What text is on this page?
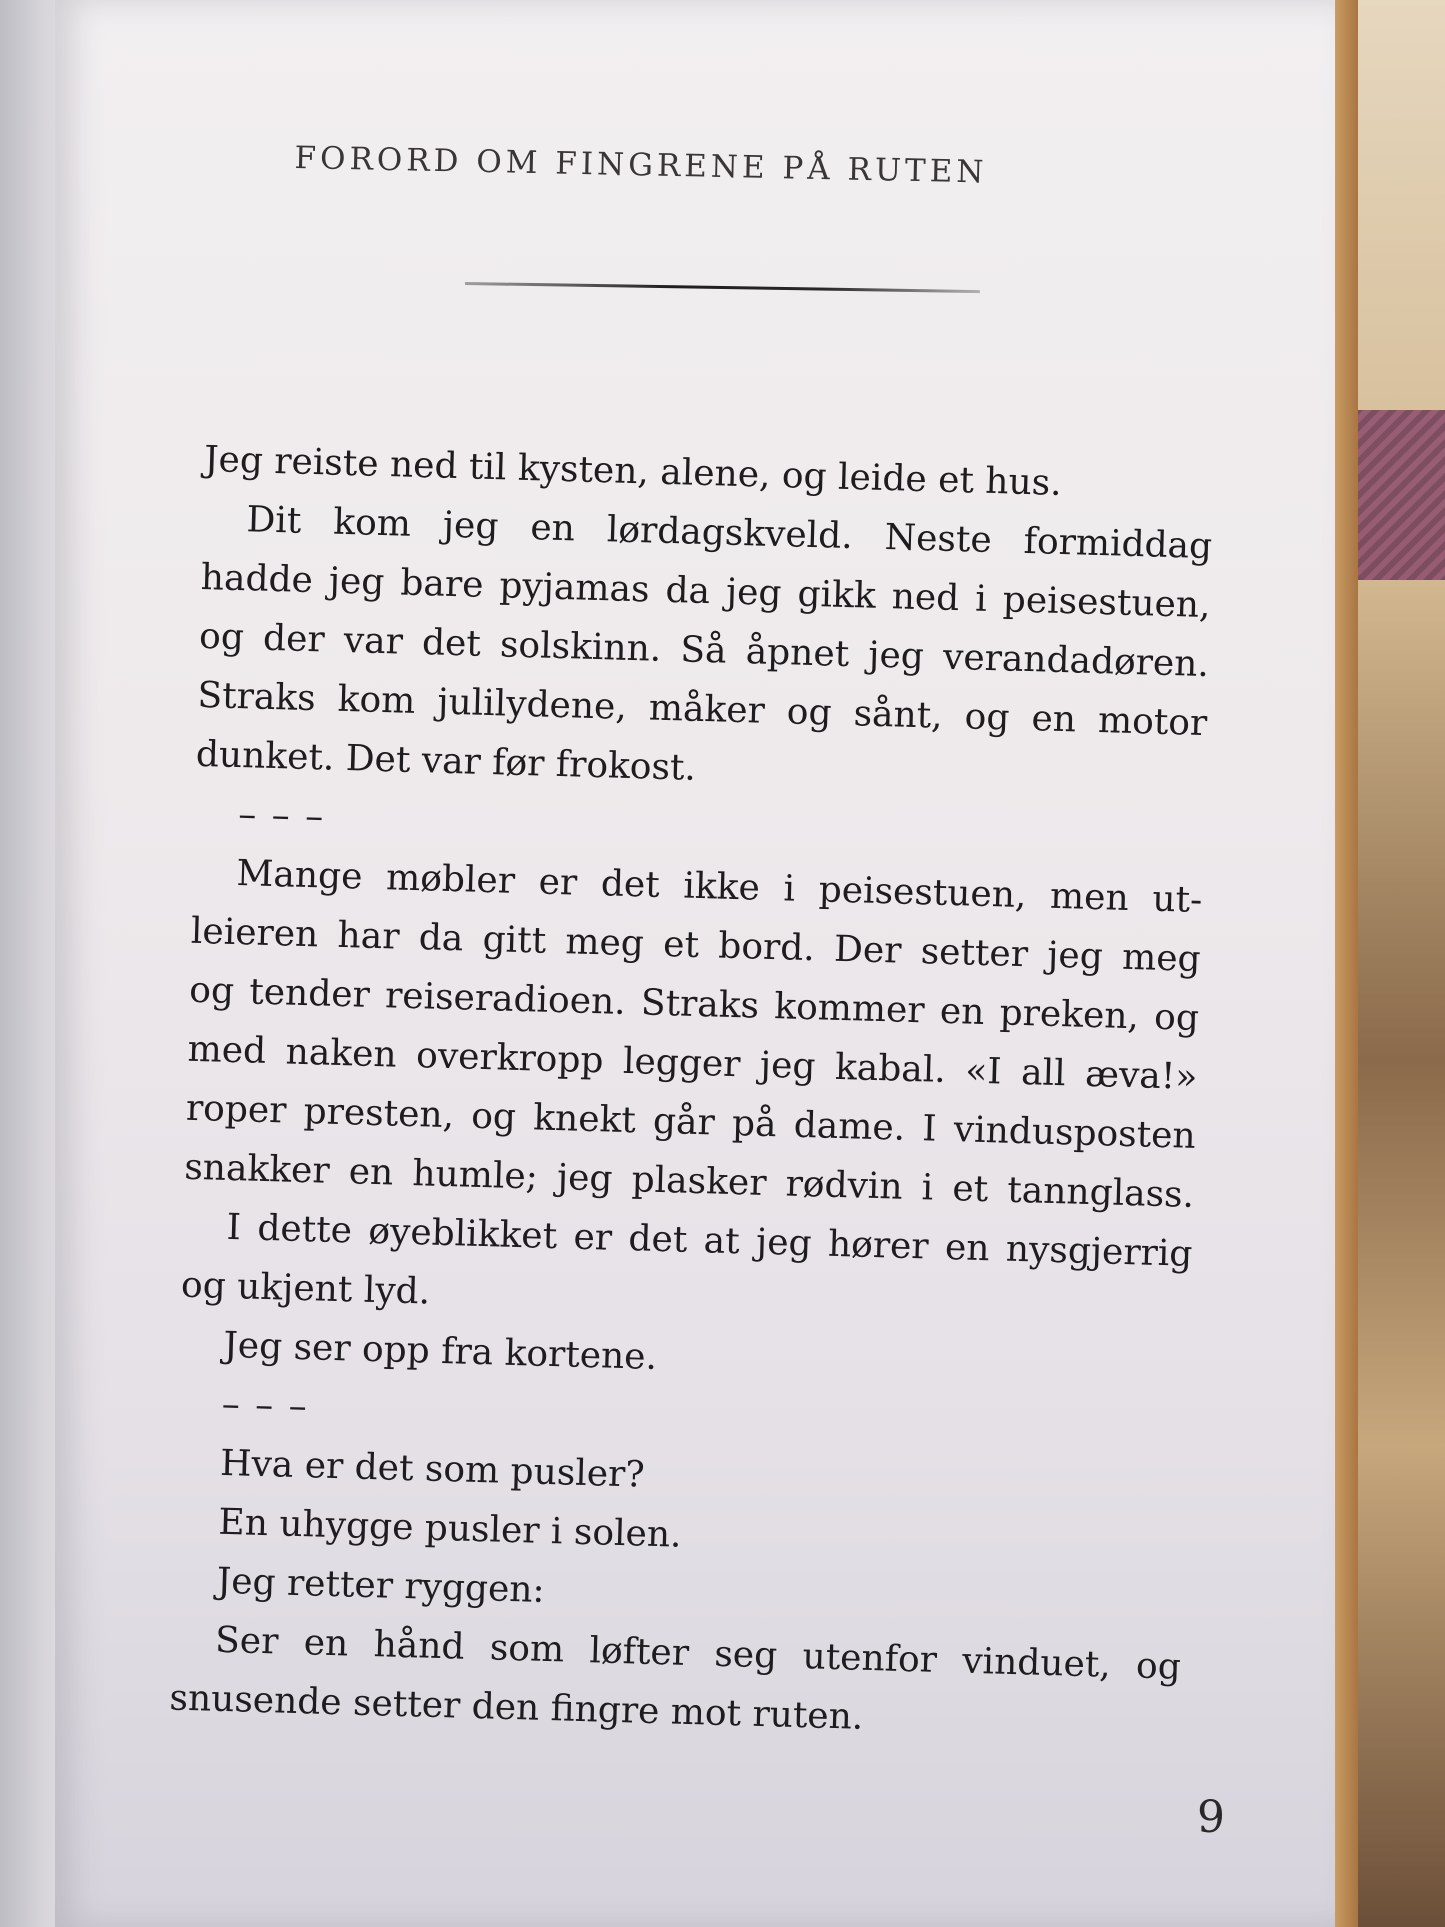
FORORD OM FINGRENE PÅ RUTEN
Jeg reiste ned til kysten, alene, og leide et hus.
Dit kom jeg en lørdagskveld. Neste formiddag
hadde jeg bare pyjamas da jeg gikk ned i peisestuen,
og der var det solskinn. Så åpnet jeg verandadøren.
Straks kom julilydene, måker og sånt, og en motor
dunket. Det var før frokost.
– – –
Mange møbler er det ikke i peisestuen, men ut-
leieren har da gitt meg et bord. Der setter jeg meg
og tender reiseradioen. Straks kommer en preken, og
med naken overkropp legger jeg kabal. «I all æva!»
roper presten, og knekt går på dame. I vindusposten
snakker en humle; jeg plasker rødvin i et tannglass.
I dette øyeblikket er det at jeg hører en nysgjerrig
og ukjent lyd.
Jeg ser opp fra kortene.
– – –
Hva er det som pusler?
En uhygge pusler i solen.
Jeg retter ryggen:
Ser en hånd som løfter seg utenfor vinduet, og
snusende setter den fingre mot ruten.
9
